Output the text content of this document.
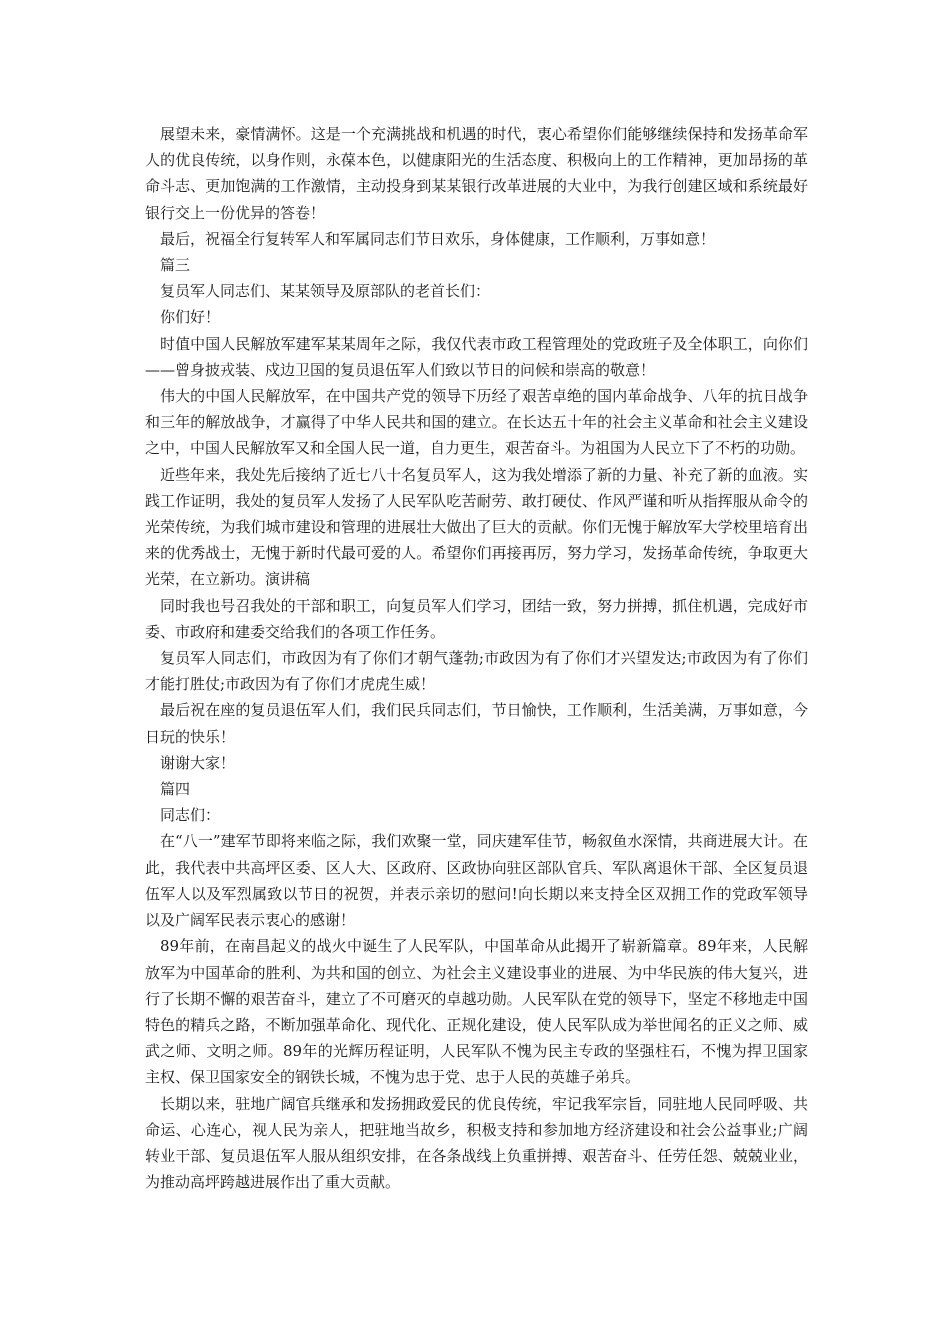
展望未来，豪情满怀。这是一个充满挑战和机遇的时代，衷心希望你们能够继续保持和发扬革命军人的优良传统，以身作则，永葆本色，以健康阳光的生活态度、积极向上的工作精神，更加昂扬的革命斗志、更加饱满的工作激情，主动投身到某某银行改革进展的大业中，为我行创建区域和系统最好银行交上一份优异的答卷！

最后，祝福全行复转军人和军属同志们节日欢乐，身体健康，工作顺利，万事如意！

篇三

复员军人同志们、某某领导及原部队的老首长们：

你们好！

时值中国人民解放军建军某某周年之际，我仅代表市政工程管理处的党政班子及全体职工，向你们——曾身披戎装、戍边卫国的复员退伍军人们致以节日的问候和崇高的敬意！

伟大的中国人民解放军，在中国共产党的领导下历经了艰苦卓绝的国内革命战争、八年的抗日战争和三年的解放战争，才赢得了中华人民共和国的建立。在长达五十年的社会主义革命和社会主义建设之中，中国人民解放军又和全国人民一道，自力更生，艰苦奋斗。为祖国为人民立下了不朽的功勋。

近些年来，我处先后接纳了近七八十名复员军人，这为我处增添了新的力量、补充了新的血液。实践工作证明，我处的复员军人发扬了人民军队吃苦耐劳、敢打硬仗、作风严谨和听从指挥服从命令的光荣传统，为我们城市建设和管理的进展壮大做出了巨大的贡献。你们无愧于解放军大学校里培育出来的优秀战士，无愧于新时代最可爱的人。希望你们再接再厉，努力学习，发扬革命传统，争取更大光荣，在立新功。演讲稿

同时我也号召我处的干部和职工，向复员军人们学习，团结一致，努力拼搏，抓住机遇，完成好市委、市政府和建委交给我们的各项工作任务。

复员军人同志们，市政因为有了你们才朝气蓬勃;市政因为有了你们才兴望发达;市政因为有了你们才能打胜仗;市政因为有了你们才虎虎生威！

最后祝在座的复员退伍军人们，我们民兵同志们，节日愉快，工作顺利，生活美满，万事如意，今日玩的快乐！

谢谢大家！

篇四

同志们：

在“八一”建军节即将来临之际，我们欢聚一堂，同庆建军佳节，畅叙鱼水深情，共商进展大计。在此，我代表中共高坪区委、区人大、区政府、区政协向驻区部队官兵、军队离退休干部、全区复员退伍军人以及军烈属致以节日的祝贺，并表示亲切的慰问!向长期以来支持全区双拥工作的党政军领导以及广阔军民表示衷心的感谢！

89年前，在南昌起义的战火中诞生了人民军队，中国革命从此揭开了崭新篇章。89年来，人民解放军为中国革命的胜利、为共和国的创立、为社会主义建设事业的进展、为中华民族的伟大复兴，进行了长期不懈的艰苦奋斗，建立了不可磨灭的卓越功勋。人民军队在党的领导下，坚定不移地走中国特色的精兵之路，不断加强革命化、现代化、正规化建设，使人民军队成为举世闻名的正义之师、威武之师、文明之师。89年的光辉历程证明，人民军队不愧为民主专政的坚强柱石，不愧为捍卫国家主权、保卫国家安全的钢铁长城，不愧为忠于党、忠于人民的英雄子弟兵。

长期以来，驻地广阔官兵继承和发扬拥政爱民的优良传统，牢记我军宗旨，同驻地人民同呼吸、共命运、心连心，视人民为亲人，把驻地当故乡，积极支持和参加地方经济建设和社会公益事业;广阔转业干部、复员退伍军人服从组织安排，在各条战线上负重拼搏、艰苦奋斗、任劳任怨、兢兢业业，为推动高坪跨越进展作出了重大贡献。
